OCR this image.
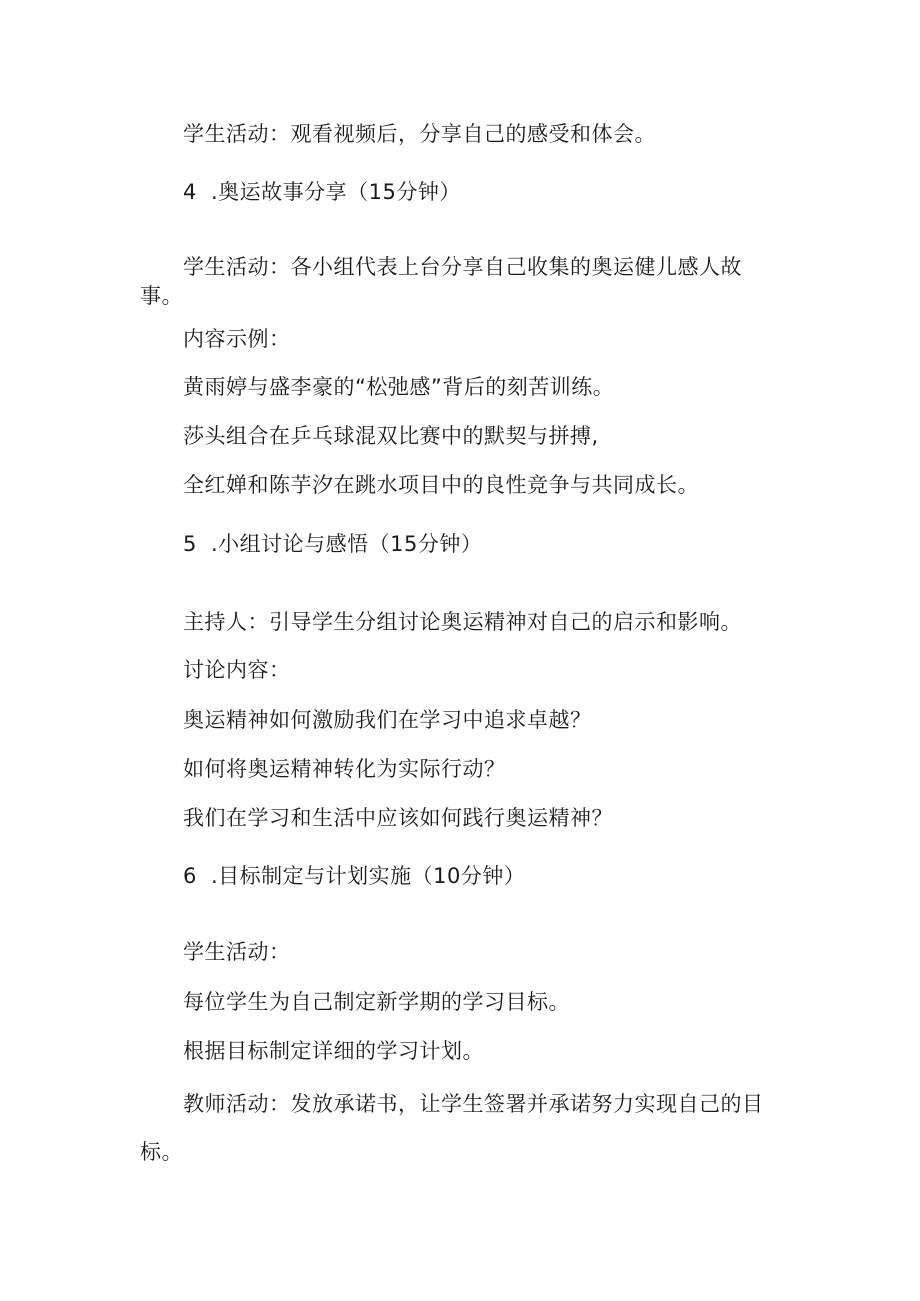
学生活动：观看视频后，分享自己的感受和体会。
4 .奥运故事分享（15分钟）
学生活动：各小组代表上台分享自己收集的奥运健儿感人故
事。
内容示例：
黄雨婷与盛李豪的“松弛感”背后的刻苦训练。
莎头组合在乒乓球混双比赛中的默契与拼搏,
全红婵和陈芋汐在跳水项目中的良性竞争与共同成长。
5 .小组讨论与感悟（15分钟）
主持人：引导学生分组讨论奥运精神对自己的启示和影响。
讨论内容：
奥运精神如何激励我们在学习中追求卓越？
如何将奥运精神转化为实际行动？
我们在学习和生活中应该如何践行奥运精神？
6 .目标制定与计划实施（10分钟）
学生活动：
每位学生为自己制定新学期的学习目标。
根据目标制定详细的学习计划。
教师活动：发放承诺书，让学生签署并承诺努力实现自己的目
标。
